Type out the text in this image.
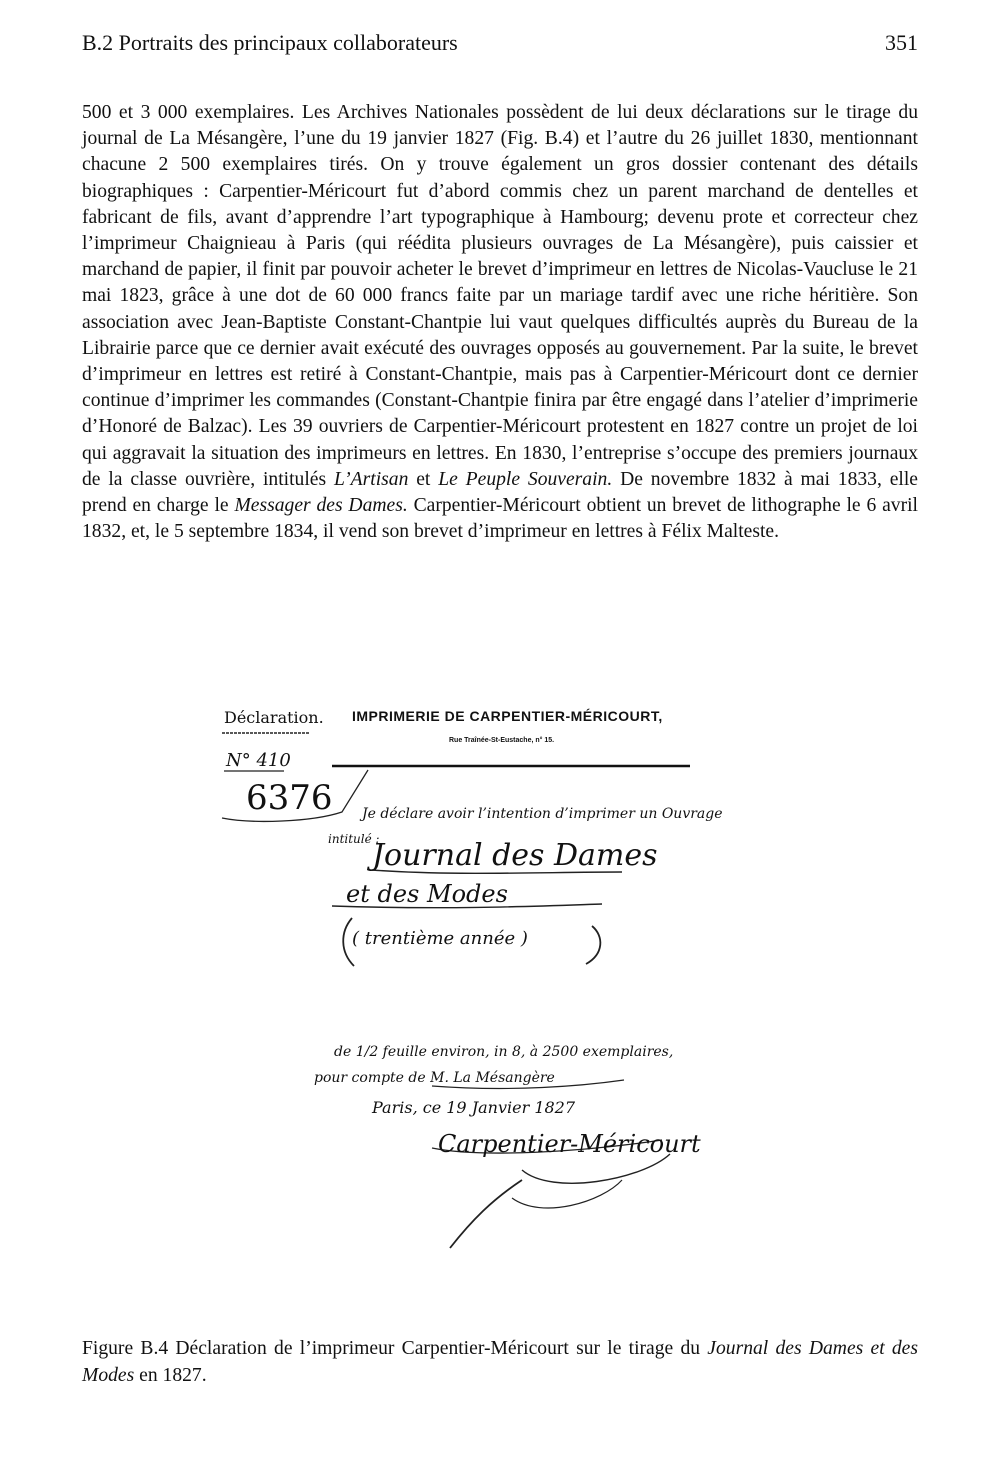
B.2 Portraits des principaux collaborateurs	351

500 et 3 000 exemplaires. Les Archives Nationales possèdent de lui deux déclarations sur le tirage du journal de La Mésangère, l’une du 19 janvier 1827 (Fig. B.4) et l’autre du 26 juillet 1830, mentionnant chacune 2 500 exemplaires tirés. On y trouve également un gros dossier contenant des détails biographiques : Carpentier-Méricourt fut d’abord commis chez un parent marchand de dentelles et fabricant de fils, avant d’apprendre l’art typographique à Hambourg; devenu prote et correcteur chez l’imprimeur Chaignieau à Paris (qui réédita plusieurs ouvrages de La Mésangère), puis caissier et marchand de papier, il finit par pouvoir acheter le brevet d’imprimeur en lettres de Nicolas-Vaucluse le 21 mai 1823, grâce à une dot de 60 000 francs faite par un mariage tardif avec une riche héritière. Son association avec Jean-Baptiste Constant-Chantpie lui vaut quelques difficultés auprès du Bureau de la Librairie parce que ce dernier avait exécuté des ouvrages opposés au gouvernement. Par la suite, le brevet d’imprimeur en lettres est retiré à Constant-Chantpie, mais pas à Carpentier-Méricourt dont ce dernier continue d’imprimer les commandes (Constant-Chantpie finira par être engagé dans l’atelier d’imprimerie d’Honoré de Balzac). Les 39 ouvriers de Carpentier-Méricourt protestent en 1827 contre un projet de loi qui aggravait la situation des imprimeurs en lettres. En 1830, l’entreprise s’occupe des premiers journaux de la classe ouvrière, intitulés L’Artisan et Le Peuple Souverain. De novembre 1832 à mai 1833, elle prend en charge le Messager des Dames. Carpentier-Méricourt obtient un brevet de lithographe le 6 avril 1832, et, le 5 septembre 1834, il vend son brevet d’imprimeur en lettres à Félix Malteste.

Déclaration. IMPRIMERIE DE CARPENTIER-MÉRICOURT,
Rue Traînée-St-Eustache, n° 15.
N° 410
6376 Je déclare avoir l’intention d’imprimer un Ouvrage
intitulé :
Journal des Dames
et des Modes
( trentième année )
de 1/2 feuille environ, in 8, à 2500 exemplaires,
pour compte de M. La Mésangère
Paris, ce 19 Janvier 1827
Carpentier-Méricourt

Figure B.4 Déclaration de l’imprimeur Carpentier-Méricourt sur le tirage du Journal des Dames et des Modes en 1827.
